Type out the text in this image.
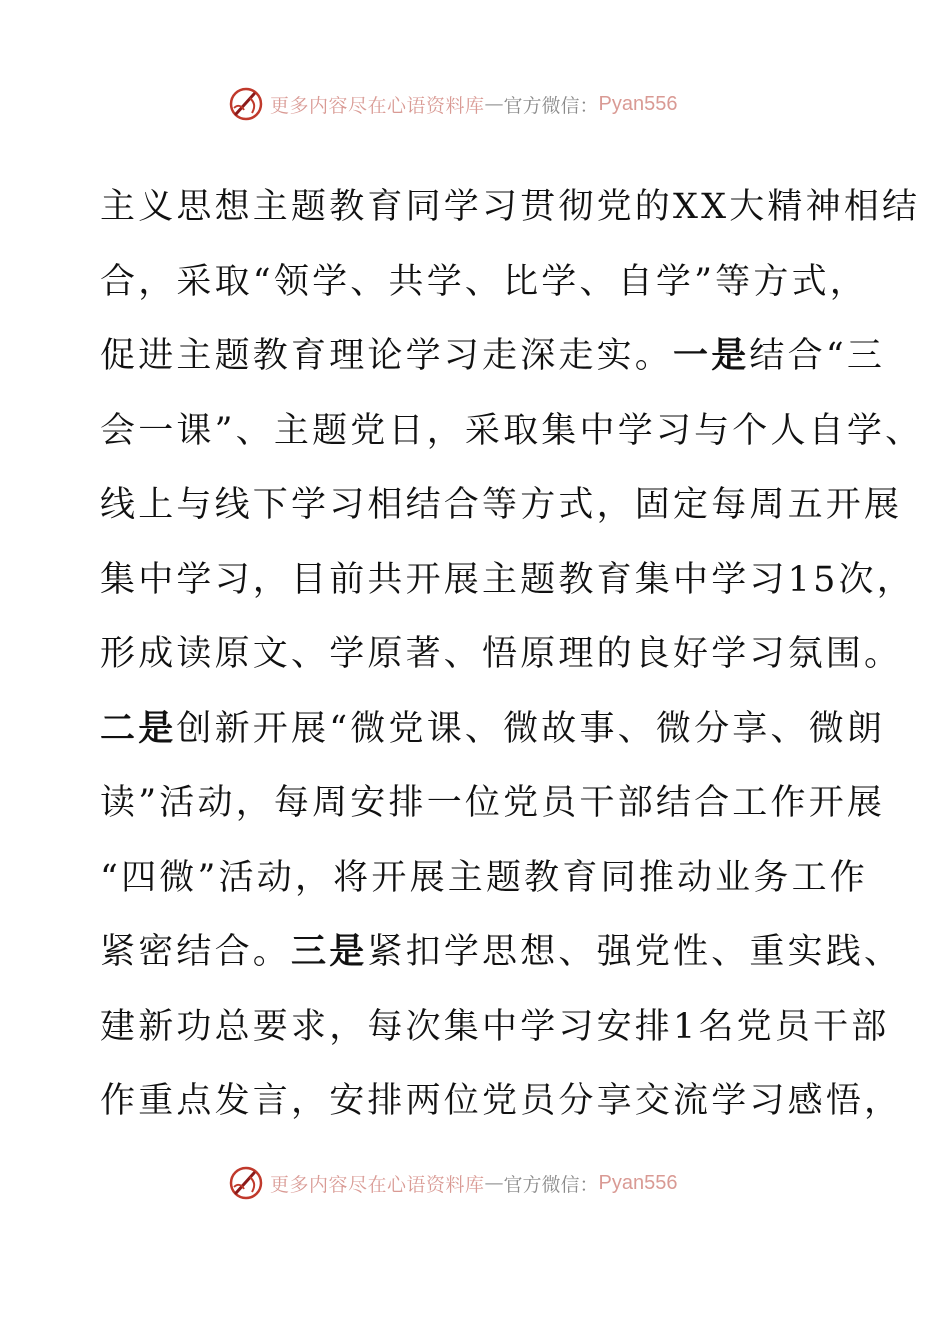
更多内容尽在心语资料库 — 官方微信： Pyan556
主义思想主题教育同学习贯彻党的XX大精神相结
合，采取“领学、共学、比学、自学”等方式，
促进主题教育理论学习走深走实。一是结合“三
会一课”、主题党日，采取集中学习与个人自学、
线上与线下学习相结合等方式，固定每周五开展
集中学习，目前共开展主题教育集中学习15次，
形成读原文、学原著、悟原理的良好学习氛围。
二是创新开展“微党课、微故事、微分享、微朗
读”活动，每周安排一位党员干部结合工作开展
“四微”活动，将开展主题教育同推动业务工作
紧密结合。三是紧扣学思想、强党性、重实践、
建新功总要求，每次集中学习安排1名党员干部
作重点发言，安排两位党员分享交流学习感悟，
更多内容尽在心语资料库 — 官方微信： Pyan556
